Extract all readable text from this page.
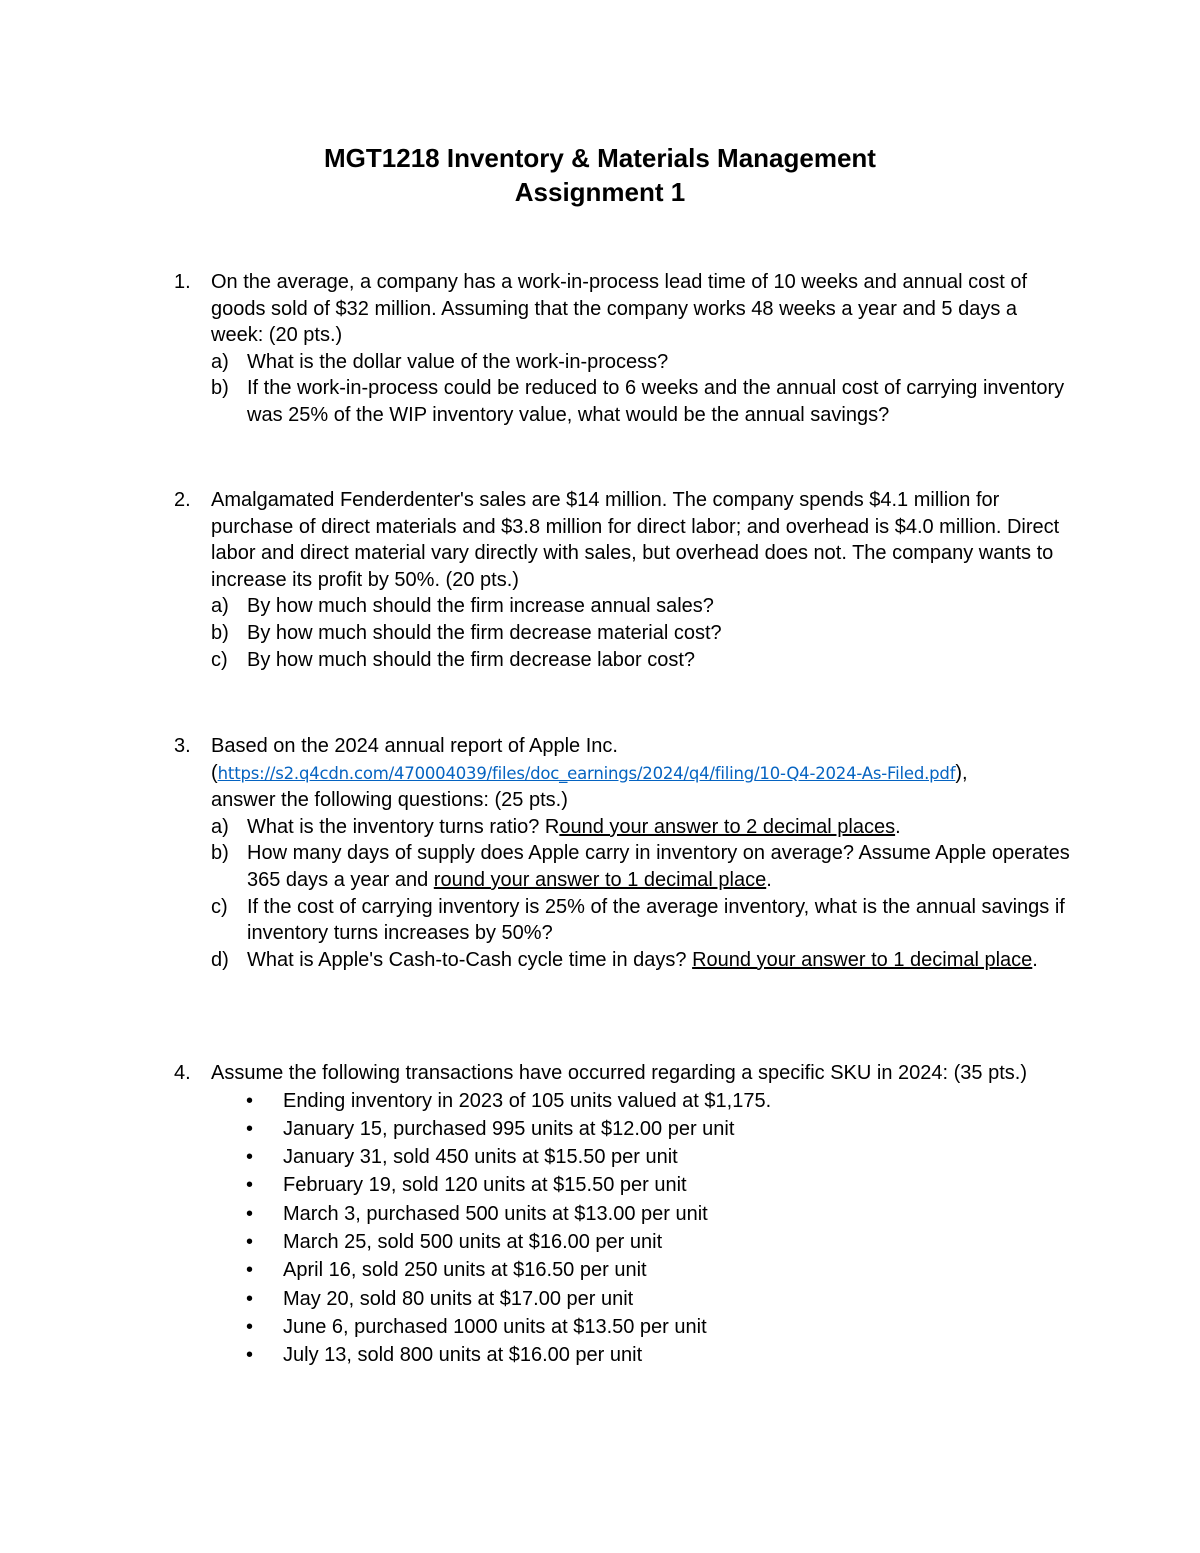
MGT1218 Inventory & Materials Management
Assignment 1
1. On the average, a company has a work-in-process lead time of 10 weeks and annual cost of goods sold of $32 million. Assuming that the company works 48 weeks a year and 5 days a week: (20 pts.)
a) What is the dollar value of the work-in-process?
b) If the work-in-process could be reduced to 6 weeks and the annual cost of carrying inventory was 25% of the WIP inventory value, what would be the annual savings?
2. Amalgamated Fenderdenter's sales are $14 million. The company spends $4.1 million for purchase of direct materials and $3.8 million for direct labor; and overhead is $4.0 million. Direct labor and direct material vary directly with sales, but overhead does not. The company wants to increase its profit by 50%. (20 pts.)
a) By how much should the firm increase annual sales?
b) By how much should the firm decrease material cost?
c) By how much should the firm decrease labor cost?
3. Based on the 2024 annual report of Apple Inc.
(https://s2.q4cdn.com/470004039/files/doc_earnings/2024/q4/filing/10-Q4-2024-As-Filed.pdf),
answer the following questions: (25 pts.)
a) What is the inventory turns ratio? Round your answer to 2 decimal places.
b) How many days of supply does Apple carry in inventory on average? Assume Apple operates 365 days a year and round your answer to 1 decimal place.
c) If the cost of carrying inventory is 25% of the average inventory, what is the annual savings if inventory turns increases by 50%?
d) What is Apple's Cash-to-Cash cycle time in days? Round your answer to 1 decimal place.
4. Assume the following transactions have occurred regarding a specific SKU in 2024: (35 pts.)
• Ending inventory in 2023 of 105 units valued at $1,175.
• January 15, purchased 995 units at $12.00 per unit
• January 31, sold 450 units at $15.50 per unit
• February 19, sold 120 units at $15.50 per unit
• March 3, purchased 500 units at $13.00 per unit
• March 25, sold 500 units at $16.00 per unit
• April 16, sold 250 units at $16.50 per unit
• May 20, sold 80 units at $17.00 per unit
• June 6, purchased 1000 units at $13.50 per unit
• July 13, sold 800 units at $16.00 per unit
